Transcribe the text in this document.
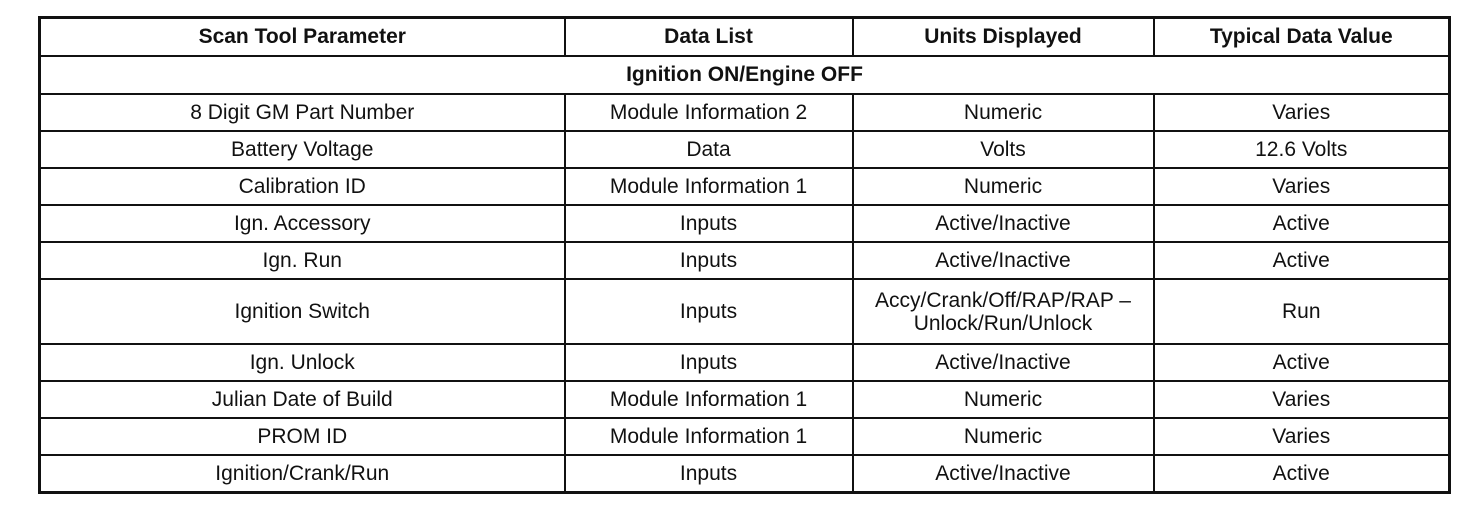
Scan Tool Parameter	Data List	Units Displayed	Typical Data Value
Ignition ON/Engine OFF			
8 Digit GM Part Number	Module Information 2	Numeric	Varies
Battery Voltage	Data	Volts	12.6 Volts
Calibration ID	Module Information 1	Numeric	Varies
Ign. Accessory	Inputs	Active/Inactive	Active
Ign. Run	Inputs	Active/Inactive	Active
Ignition Switch	Inputs	Accy/Crank/Off/RAP/RAP – Unlock/Run/Unlock	Run
Ign. Unlock	Inputs	Active/Inactive	Active
Julian Date of Build	Module Information 1	Numeric	Varies
PROM ID	Module Information 1	Numeric	Varies
Ignition/Crank/Run	Inputs	Active/Inactive	Active
